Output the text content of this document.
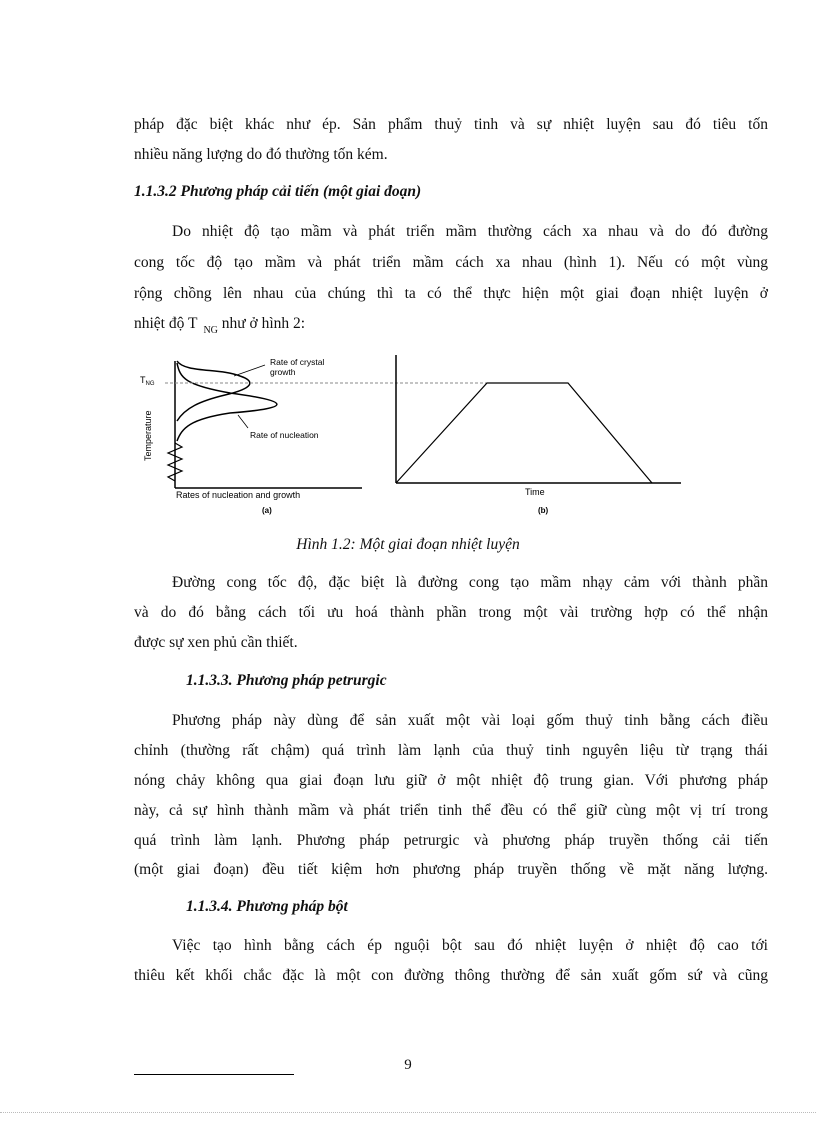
pháp đặc biệt khác như ép. Sản phẩm thuỷ tinh và sự nhiệt luyện sau đó tiêu tốn
nhiều năng lượng do đó thường tốn kém.
1.1.3.2 Phương pháp cải tiến (một giai đoạn)
Do nhiệt độ tạo mầm và phát triển mầm thường cách xa nhau và do đó đường
cong tốc độ tạo mầm và phát triển mầm cách xa nhau (hình 1). Nếu có một vùng
rộng chồng lên nhau của chúng thì ta có thể thực hiện một giai đoạn nhiệt luyện ở
nhiệt độ T $_{NG}$ như ở hình 2:
$T_{NG}$
Temperature
Rate of crystal
growth
Rate of nucleation
Rates of nucleation and growth
(a)
Time
(b)
Hình 1.2: Một giai đoạn nhiệt luyện
Đường cong tốc độ, đặc biệt là đường cong tạo mầm nhạy cảm với thành phần
và do đó bằng cách tối ưu hoá thành phần trong một vài trường hợp có thể nhận
được sự xen phủ cần thiết.
1.1.3.3. Phương pháp petrurgic
Phương pháp này dùng để sản xuất một vài loại gốm thuỷ tinh bằng cách điều
chỉnh (thường rất chậm) quá trình làm lạnh của thuỷ tinh nguyên liệu từ trạng thái
nóng chảy không qua giai đoạn lưu giữ ở một nhiệt độ trung gian. Với phương pháp
này, cả sự hình thành mầm và phát triển tinh thể đều có thể giữ cùng một vị trí trong
quá trình làm lạnh. Phương pháp petrurgic và phương pháp truyền thống cải tiến
(một giai đoạn) đều tiết kiệm hơn phương pháp truyền thống về mặt năng lượng.
1.1.3.4. Phương pháp bột
Việc tạo hình bằng cách ép nguội bột sau đó nhiệt luyện ở nhiệt độ cao tới
thiêu kết khối chắc đặc là một con đường thông thường để sản xuất gốm sứ và cũng
9
